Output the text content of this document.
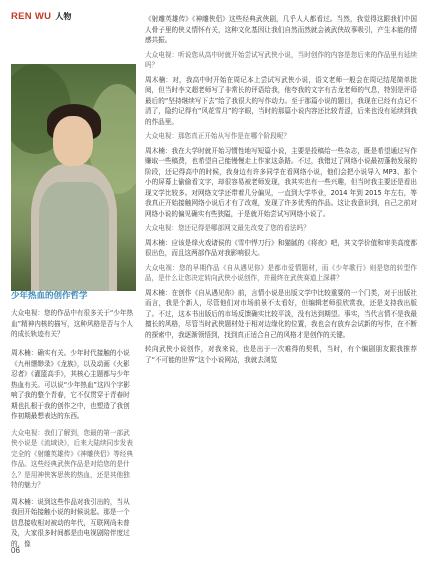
REN WU 人物
少年热血的创作哲学

大众电视：您的作品中有很多关于“少年热血”精神内核的描写，这种风格是否与个人的成长轨迹有关？

周木楠：确实有关。少年时代接触的小说《九州缥缈录》《龙族》，以及动画《火影忍者》《灌篮高手》，其核心主题都与少年热血有关。可以说“少年热血”这四个字影响了我的整个青春，它不仅贯穿于青春时期也扎根于我的创作之中，也塑造了我创作初期最想表达的东西。

大众电视：我们了解到，您最的第一部武侠小说是《流域诀》，后来大陆续同步发表完全的《射雕英雄传》《神雕侠侣》等经典作品。这些经典武侠作品是对给您的是什么？是用神侠客思侠的热血，还是其他独特的魅力？

周木楠：说到这些作品对我引出的，当从我回开始接触小说的时候说起。那是一个信息接收相对被动的年代，互联网尚未普及，大家很多时间都是由电视剧陪伴度过的，像

《射雕英雄传》《神雕侠侣》这些经典武侠剧，几乎人人都看过。当然，我觉得这跟我们中国人骨子里的侠义情怀有关，这种文化基因让我们自然而然就会被武侠故事吸引，产生本能的情感共振。

大众电视：听说您从高中时就开始尝试写武侠小说，当时创作的内容是您后来的作品里有延续吗？

周木楠：对，我高中时开始在周记本上尝试写武侠小说，语文老师一般会在周记结尾简单批阅，但当时李文超老师写了非常长的评语给我，他夸我的文字有古龙老师的气息，特别是评语最后的“坚持继续写下去”给了我很大的写作动力。至于那篇小说的题目，我现在已经有点记不清了，隐约记得有“风花雪月”的字眼，当时的那篇小说内容还比较青涩，后来也没有延续到我的作品里。

大众电视：那您真正开始从写作是在哪个阶段呢？

周木楠：我在大学时就开始习惯性地写短篇小说，主要是投稿给一些杂志，既是希望通过写作赚取一些稿费，也希望自己能慢慢走上作家这条路。不过，我错过了网络小说最初蓬勃发展的阶段，还记得高中的时候，我身边有许多同学在看网络小说，他们会把小说导入 MP3、那个小的屏幕上偷偷看文字，却很容易被老师发现，我其实也有一些兴趣，但当时我主要还是看出现文学比较多。对网络文学还带着几分偏见，一直到大学毕业，2014 年到 2015 年左右，等我真正开始接触网络小说后才有了改观，发现了许多优秀的作品。这让我意识到，自己之前对网络小说的偏见确实有些狭隘，于是就开始尝试写网络小说了。

大众电视：您还记得是哪部网文最先改变了您的看法吗？

周木楠：应该是烽火戏诸侯的《雪中悍刀行》和猫腻的《将夜》吧，其文学价值和审美高度都很出色，而且这两部作品对我影响很大。

大众电视：您的早期作品《自从遇见你》是都市爱情题材，而《少年歌行》则是您的转型作品，是什么让您决定转向武侠小说创作，并最终在武侠赛道上深耕？

周木楠：在创作《自从遇见你》前，言情小说是出版文学中比较重要的一个门类，对于出版社而言，我是个新人，尽管他们对市场前景不太看好，但编辑老师很欣赏我，还是支持我出版了。不过，这本书出版后的市场反馈确实比较平淡，没有达到期望。事实，当代言情不是我最擅长的风格，尽管当时武侠题材处于相对边缘化的位置，我也会有放弃会试新的写作，在不断的探索中，我逐渐领悟到，找到真正适合自己的风格才是创作的关键。

转向武侠小说创作，对我来说，也是出于一次难得的契机，当时，有个编剧朋友跟我推荐了“不可能的世界”这个小说网站，我就去浏览

06
